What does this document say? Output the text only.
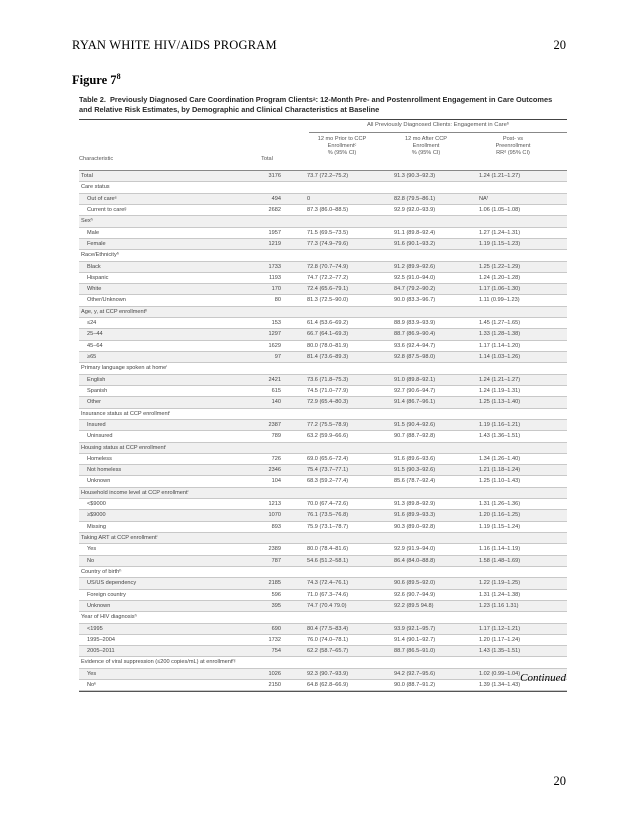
RYAN WHITE HIV/AIDS PROGRAM	20
Figure $7^8$
Table 2. Previously Diagnosed Care Coordination Program Clientsᵃ: 12-Month Pre- and Postenrollment Engagement in Care Outcomes
and Relative Risk Estimates, by Demographic and Clinical Characteristics at Baseline
All Previously Diagnosed Clients: Engagement in Careᵇ
Characteristic	Total
12 mo Prior to CCP
Enrollmentᶜ
% (95% CI)
12 mo After CCP
Enrollment
% (95% CI)
Post- vs
Preenrollment
RRᵈ (95% CI)
Total	3176	73.7 (72.2–75.2)	91.3 (90.3–92.3)	1.24 (1.21–1.27)
Care status
Out of careᵉ	494	0	82.8 (79.5–86.1)	NAᶠ
Current to careᵍ	2682	87.3 (86.0–88.5)	92.9 (92.0–93.9)	1.06 (1.05–1.08)
Sexʰ
Male	1957	71.5 (69.5–73.5)	91.1 (89.8–92.4)	1.27 (1.24–1.31)
Female	1219	77.3 (74.9–79.6)	91.6 (90.1–93.2)	1.19 (1.15–1.23)
Race/Ethnicityʰ
Black	1733	72.8 (70.7–74.9)	91.2 (89.9–92.6)	1.25 (1.22–1.29)
Hispanic	1193	74.7 (72.2–77.2)	92.5 (91.0–94.0)	1.24 (1.20–1.28)
White	170	72.4 (65.6–79.1)	84.7 (79.2–90.2)	1.17 (1.06–1.30)
Other/Unknown	80	81.3 (72.5–90.0)	90.0 (83.3–96.7)	1.11 (0.99–1.23)
Age, y, at CCP enrollmentʰ
≤24	153	61.4 (53.6–69.2)	88.9 (83.9–93.9)	1.45 (1.27–1.65)
25–44	1297	66.7 (64.1–69.3)	88.7 (86.9–90.4)	1.33 (1.28–1.38)
45–64	1629	80.0 (78.0–81.9)	93.6 (92.4–94.7)	1.17 (1.14–1.20)
≥65	97	81.4 (73.6–89.3)	92.8 (87.5–98.0)	1.14 (1.03–1.26)
Primary language spoken at homeⁱ
English	2421	73.6 (71.8–75.3)	91.0 (89.8–92.1)	1.24 (1.21–1.27)
Spanish	615	74.5 (71.0–77.9)	92.7 (90.6–94.7)	1.24 (1.19–1.31)
Other	140	72.9 (65.4–80.3)	91.4 (86.7–96.1)	1.25 (1.13–1.40)
Insurance status at CCP enrollmentⁱ
Insured	2387	77.2 (75.5–78.9)	91.5 (90.4–92.6)	1.19 (1.16–1.21)
Uninsured	789	63.2 (59.9–66.6)	90.7 (88.7–92.8)	1.43 (1.36–1.51)
Housing status at CCP enrollmentⁱ
Homeless	726	69.0 (65.6–72.4)	91.6 (89.6–93.6)	1.34 (1.26–1.40)
Not homeless	2346	75.4 (73.7–77.1)	91.5 (90.3–92.6)	1.21 (1.18–1.24)
Unknown	104	68.3 (59.2–77.4)	85.6 (78.7–92.4)	1.25 (1.10–1.43)
Household income level at CCP enrollmentⁱ
<$9000	1213	70.0 (67.4–72.6)	91.3 (89.8–92.9)	1.31 (1.26–1.36)
≥$9000	1070	76.1 (73.5–76.8)	91.6 (89.9–93.3)	1.20 (1.16–1.25)
Missing	893	75.9 (73.1–78.7)	90.3 (89.0–92.8)	1.19 (1.15–1.24)
Taking ART at CCP enrollmentⁱ
Yes	2389	80.0 (78.4–81.6)	92.9 (91.9–94.0)	1.16 (1.14–1.19)
No	787	54.6 (51.2–58.1)	86.4 (84.0–88.8)	1.58 (1.48–1.69)
Country of birthʰ
US/US dependency	2185	74.3 (72.4–76.1)	90.6 (89.5–92.0)	1.22 (1.19–1.25)
Foreign country	596	71.0 (67.3–74.6)	92.6 (90.7–94.9)	1.31 (1.24–1.38)
Unknown	395	74.7 (70.4 79.0)	92.2 (89.5 94.8)	1.23 (1.16 1.31)
Year of HIV diagnosisʰ
<1995	690	80.4 (77.5–83.4)	93.9 (92.1–95.7)	1.17 (1.12–1.21)
1995–2004	1732	76.0 (74.0–78.1)	91.4 (90.1–92.7)	1.20 (1.17–1.24)
2005–2011	754	62.2 (58.7–65.7)	88.7 (86.5–91.0)	1.43 (1.35–1.51)
Evidence of viral suppression (≤200 copies/mL) at enrollmentʰʲ
Yes	1026	92.3 (90.7–93.9)	94.2 (92.7–95.6)	1.02 (0.99–1.04)
Noᵏ	2150	64.8 (62.8–66.9)	90.0 (88.7–91.2)	1.39 (1.34–1.43)
Continued
20
